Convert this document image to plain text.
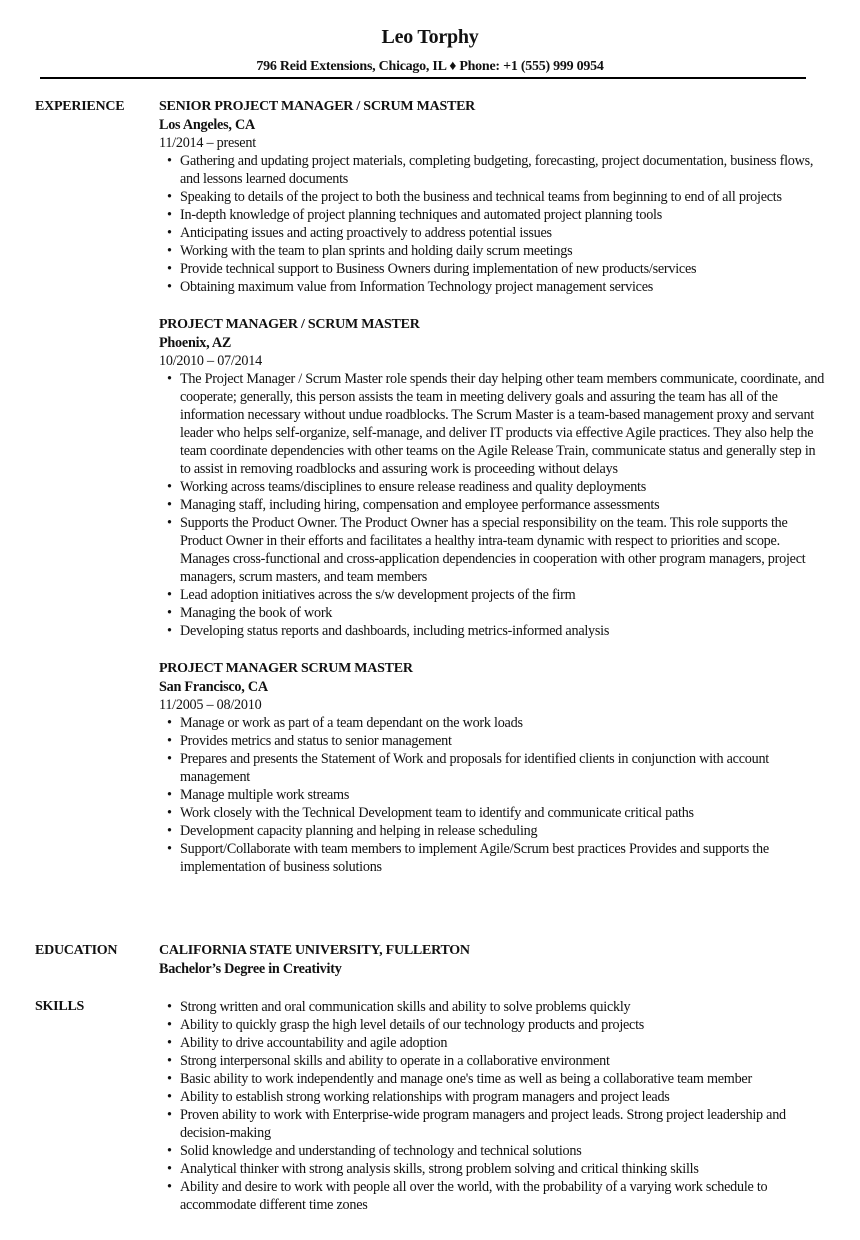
Leo Torphy
796 Reid Extensions, Chicago, IL ♦ Phone: +1 (555) 999 0954
EXPERIENCE SENIOR PROJECT MANAGER / SCRUM MASTER
Los Angeles, CA
11/2014 – present
• Gathering and updating project materials, completing budgeting, forecasting, project documentation, business flows, and lessons learned documents
• Speaking to details of the project to both the business and technical teams from beginning to end of all projects
• In-depth knowledge of project planning techniques and automated project planning tools
• Anticipating issues and acting proactively to address potential issues
• Working with the team to plan sprints and holding daily scrum meetings
• Provide technical support to Business Owners during implementation of new products/services
• Obtaining maximum value from Information Technology project management services
PROJECT MANAGER / SCRUM MASTER
Phoenix, AZ
10/2010 – 07/2014
• The Project Manager / Scrum Master role spends their day helping other team members communicate, coordinate, and cooperate; generally, this person assists the team in meeting delivery goals and assuring the team has all of the information necessary without undue roadblocks. The Scrum Master is a team-based management proxy and servant leader who helps self-organize, self-manage, and deliver IT products via effective Agile practices. They also help the team coordinate dependencies with other teams on the Agile Release Train, communicate status and generally step in to assist in removing roadblocks and assuring work is proceeding without delays
• Working across teams/disciplines to ensure release readiness and quality deployments
• Managing staff, including hiring, compensation and employee performance assessments
• Supports the Product Owner. The Product Owner has a special responsibility on the team. This role supports the Product Owner in their efforts and facilitates a healthy intra-team dynamic with respect to priorities and scope. Manages cross-functional and cross-application dependencies in cooperation with other program managers, project managers, scrum masters, and team members
• Lead adoption initiatives across the s/w development projects of the firm
• Managing the book of work
• Developing status reports and dashboards, including metrics-informed analysis
PROJECT MANAGER SCRUM MASTER
San Francisco, CA
11/2005 – 08/2010
• Manage or work as part of a team dependant on the work loads
• Provides metrics and status to senior management
• Prepares and presents the Statement of Work and proposals for identified clients in conjunction with account management
• Manage multiple work streams
• Work closely with the Technical Development team to identify and communicate critical paths
• Development capacity planning and helping in release scheduling
• Support/Collaborate with team members to implement Agile/Scrum best practices Provides and supports the implementation of business solutions
EDUCATION	CALIFORNIA STATE UNIVERSITY, FULLERTON
Bachelor’s Degree in Creativity
SKILLS	• Strong written and oral communication skills and ability to solve problems quickly
• Ability to quickly grasp the high level details of our technology products and projects
• Ability to drive accountability and agile adoption
• Strong interpersonal skills and ability to operate in a collaborative environment
• Basic ability to work independently and manage one's time as well as being a collaborative team member
• Ability to establish strong working relationships with program managers and project leads
• Proven ability to work with Enterprise-wide program managers and project leads. Strong project leadership and decision-making
• Solid knowledge and understanding of technology and technical solutions
• Analytical thinker with strong analysis skills, strong problem solving and critical thinking skills
• Ability and desire to work with people all over the world, with the probability of a varying work schedule to accommodate different time zones
